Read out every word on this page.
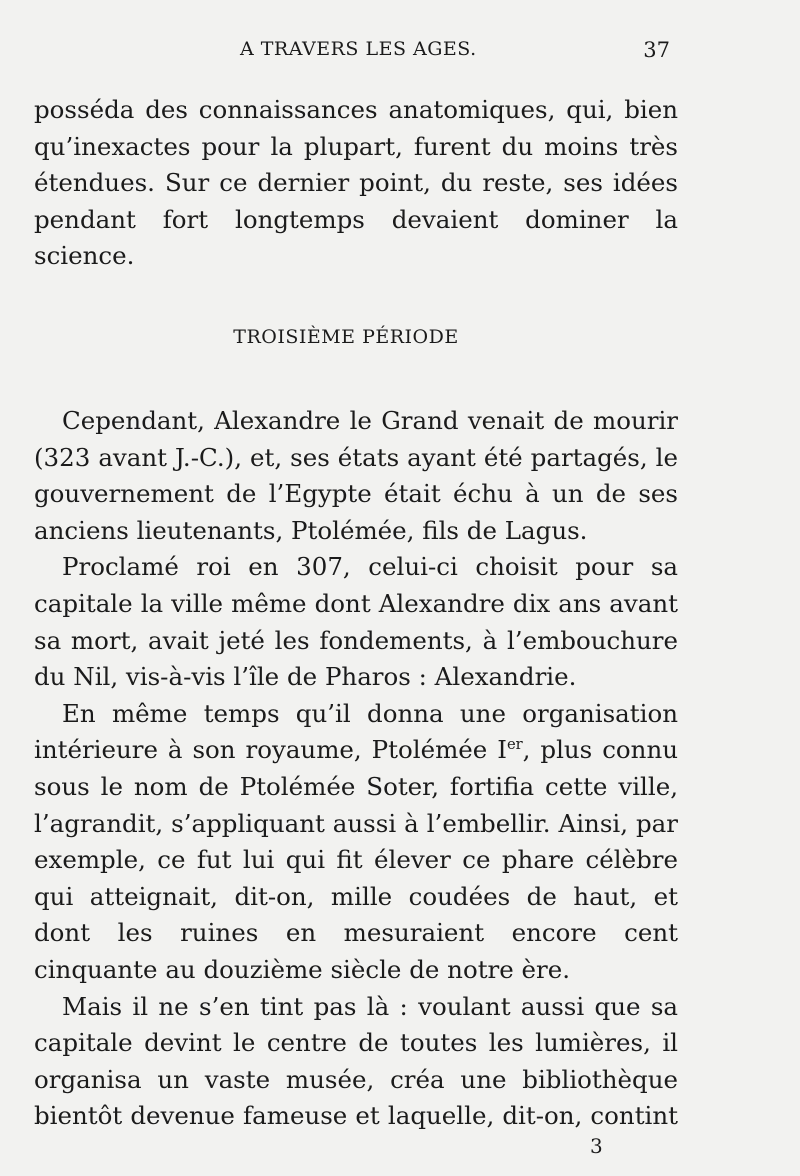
A TRAVERS LES AGES.	37

possédа des connaissances anatomiques, qui, bien qu’inexactes pour la plupart, furent du moins très étendues. Sur ce dernier point, du reste, ses idées pendant fort longtemps devaient dominer la science.

TROISIÈME PÉRIODE

Cependant, Alexandre le Grand venait de mourir (323 avant J.-C.), et, ses états ayant été partagés, le gouvernement de l’Egypte était échu à un de ses anciens lieutenants, Ptolémée, fils de Lagus.

Proclamé roi en 307, celui-ci choisit pour sa capitale la ville même dont Alexandre dix ans avant sa mort, avait jeté les fondements, à l’embouchure du Nil, vis-à-vis l’île de Pharos : Alexandrie.

En même temps qu’il donna une organisation intérieure à son royaume, Ptolémée Ier, plus connu sous le nom de Ptolémée Soter, fortifia cette ville, l’agrandit, s’appliquant aussi à l’embellir. Ainsi, par exemple, ce fut lui qui fit élever ce phare célèbre qui atteignait, dit-on, mille coudées de haut, et dont les ruines en mesuraient encore cent cinquante au douzième siècle de notre ère.

Mais il ne s’en tint pas là : voulant aussi que sa capitale devint le centre de toutes les lumières, il organisa un vaste musée, créa une bibliothèque bientôt devenue fameuse et laquelle, dit-on, contint

3
